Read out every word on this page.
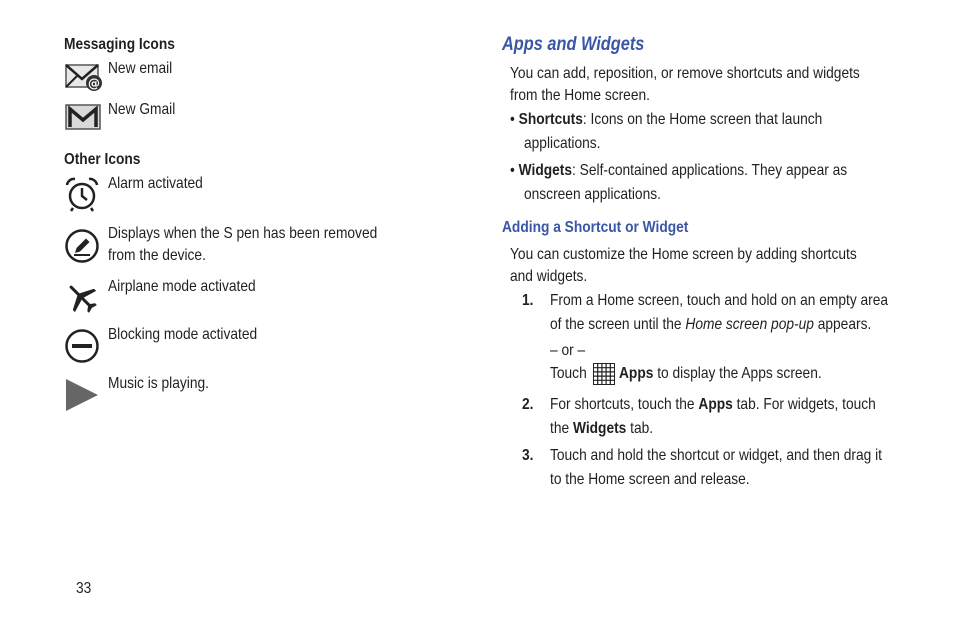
Messaging Icons
@
New email
New Gmail
Other Icons
Alarm activated
Displays when the S pen has been removed
from the device.
Airplane mode activated
Blocking mode activated
Music is playing.
Apps and Widgets
You can add, reposition, or remove shortcuts and widgets
from the Home screen.
• Shortcuts: Icons on the Home screen that launch
applications.
• Widgets: Self-contained applications. They appear as
onscreen applications.
Adding a Shortcut or Widget
You can customize the Home screen by adding shortcuts
and widgets.
1. From a Home screen, touch and hold on an empty area
of the screen until the Home screen pop-up appears.
– or –
Touch Apps to display the Apps screen.
2. For shortcuts, touch the Apps tab. For widgets, touch
the Widgets tab.
3. Touch and hold the shortcut or widget, and then drag it
to the Home screen and release.
33
